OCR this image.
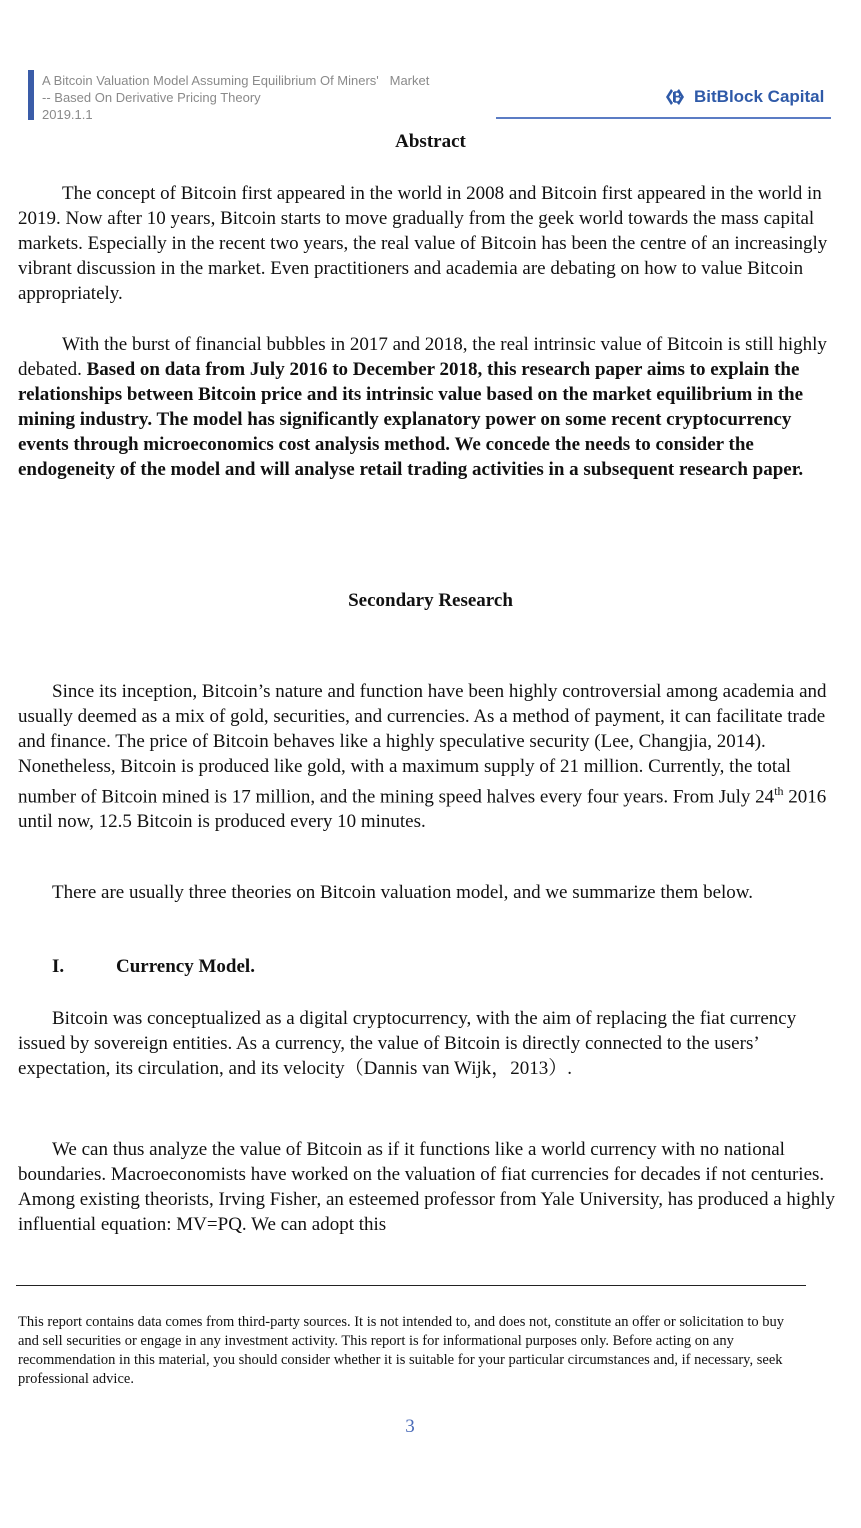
A Bitcoin Valuation Model Assuming Equilibrium Of Miners'   Market
-- Based On Derivative Pricing Theory
2019.1.1
BitBlock Capital
Abstract

The concept of Bitcoin first appeared in the world in 2008 and Bitcoin first appeared in the world in 2019. Now after 10 years, Bitcoin starts to move gradually from the geek world towards the mass capital markets. Especially in the recent two years, the real value of Bitcoin has been the centre of an increasingly vibrant discussion in the market. Even practitioners and academia are debating on how to value Bitcoin appropriately.

With the burst of financial bubbles in 2017 and 2018, the real intrinsic value of Bitcoin is still highly debated. Based on data from July 2016 to December 2018, this research paper aims to explain the relationships between Bitcoin price and its intrinsic value based on the market equilibrium in the mining industry. The model has significantly explanatory power on some recent cryptocurrency events through microeconomics cost analysis method. We concede the needs to consider the endogeneity of the model and will analyse retail trading activities in a subsequent research paper.

Secondary Research

Since its inception, Bitcoin’s nature and function have been highly controversial among academia and usually deemed as a mix of gold, securities, and currencies. As a method of payment, it can facilitate trade and finance. The price of Bitcoin behaves like a highly speculative security (Lee, Changjia, 2014). Nonetheless, Bitcoin is produced like gold, with a maximum supply of 21 million. Currently, the total number of Bitcoin mined is 17 million, and the mining speed halves every four years. From July 24th 2016 until now, 12.5 Bitcoin is produced every 10 minutes.

There are usually three theories on Bitcoin valuation model, and we summarize them below.

I.	Currency Model.

Bitcoin was conceptualized as a digital cryptocurrency, with the aim of replacing the fiat currency issued by sovereign entities. As a currency, the value of Bitcoin is directly connected to the users’ expectation, its circulation, and its velocity（Dannis van Wijk，2013）.

We can thus analyze the value of Bitcoin as if it functions like a world currency with no national boundaries. Macroeconomists have worked on the valuation of fiat currencies for decades if not centuries. Among existing theorists, Irving Fisher, an esteemed professor from Yale University, has produced a highly influential equation: MV=PQ. We can adopt this

This report contains data comes from third-party sources. It is not intended to, and does not, constitute an offer or solicitation to buy and sell securities or engage in any investment activity. This report is for informational purposes only. Before acting on any recommendation in this material, you should consider whether it is suitable for your particular circumstances and, if necessary, seek professional advice.

3
